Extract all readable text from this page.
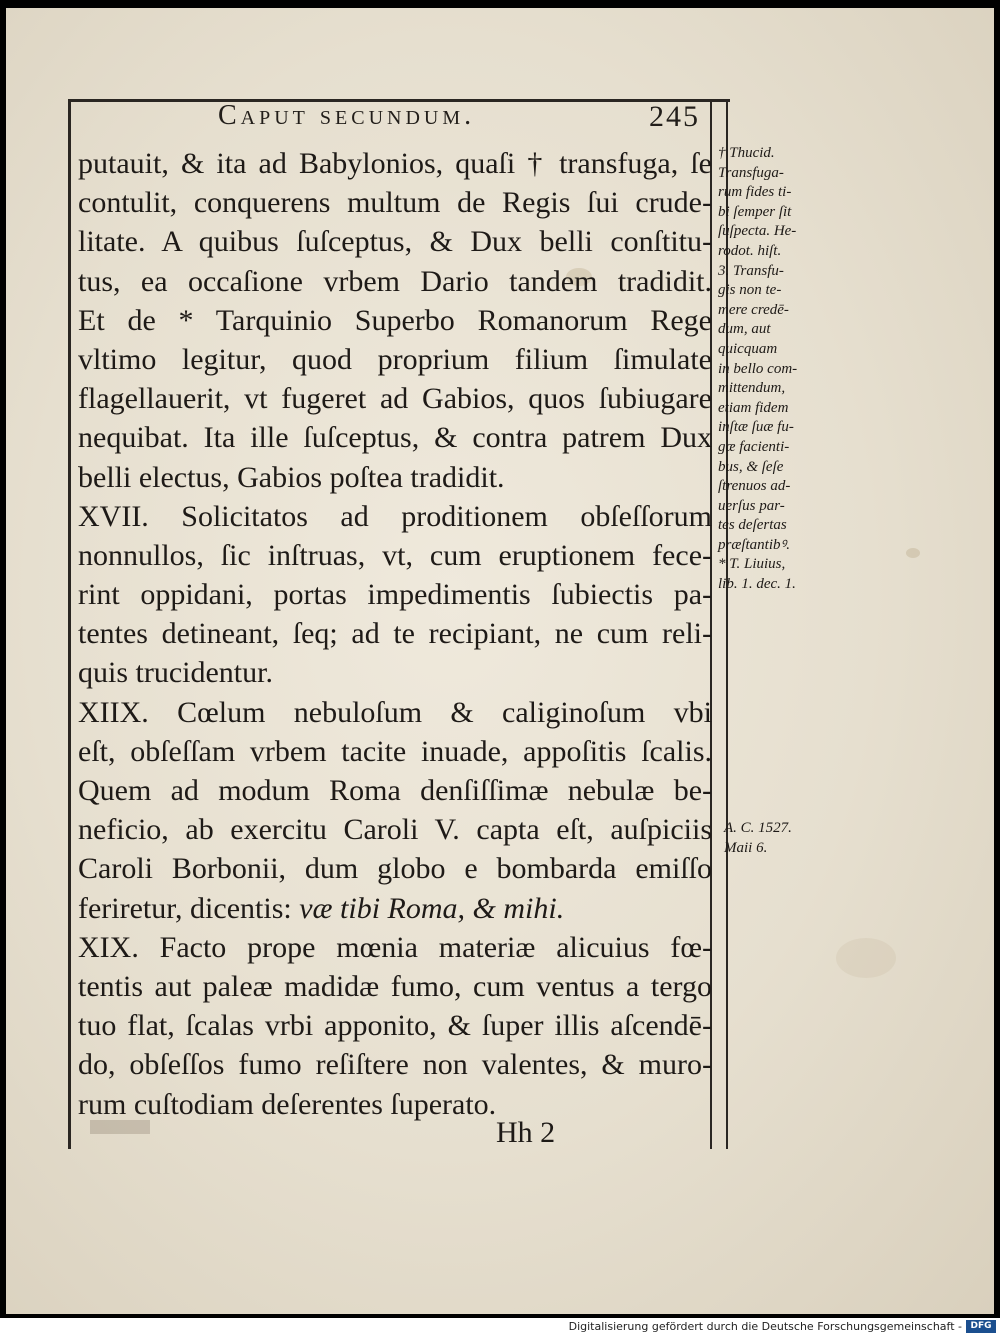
Caput secundum.	245
putauit, & ita ad Babylonios, quaſi † transfuga, ſe
contulit, conquerens multum de Regis ſui crude-
litate. A quibus ſuſceptus, & Dux belli conſtitu-
tus, ea occaſione vrbem Dario tandem tradidit.
Et de * Tarquinio Superbo Romanorum Rege
vltimo legitur, quod proprium filium ſimulate
flagellauerit, vt fugeret ad Gabios, quos ſubiugare
nequibat. Ita ille ſuſceptus, & contra patrem Dux
belli electus, Gabios poſtea tradidit.
XVII. Solicitatos ad proditionem obſeſſorum
nonnullos, ſic inſtruas, vt, cum eruptionem fece-
rint oppidani, portas impedimentis ſubiectis pa-
tentes detineant, ſeq; ad te recipiant, ne cum reli-
quis trucidentur.
XIIX. Cœlum nebuloſum & caliginoſum vbi
eſt, obſeſſam vrbem tacite inuade, appoſitis ſcalis.
Quem ad modum Roma denſiſſimæ nebulæ be-
neficio, ab exercitu Caroli V. capta eſt, auſpiciis
Caroli Borbonii, dum globo e bombarda emiſſo
feriretur, dicentis: væ tibi Roma, & mihi.
XIX. Facto prope mœnia materiæ alicuius fœ-
tentis aut paleæ madidæ fumo, cum ventus a tergo
tuo flat, ſcalas vrbi apponito, & ſuper illis aſcendē-
do, obſeſſos fumo reſiſtere non valentes, & muro-
rum cuſtodiam deſerentes ſuperato.
† Thucid.
Transfuga-
rum fides ti-
bi ſemper ſit
ſuſpecta. He-
rodot. hiſt.
3. Transfu-
gis non te-
mere credē-
dum, aut
quicquam
in bello com-
mittendum,
etiam fidem
inſtæ ſuæ fu-
gæ facienti-
bus, & ſeſe
ſtrenuos ad-
uerſus par-
tes deſertas
præſtantibꝰ.
* T. Liuius,
lib. 1. dec. 1.
A. C. 1527.
Maii 6.
Hh 2
Digitalisierung gefördert durch die Deutsche Forschungsgemeinschaft - DFG
